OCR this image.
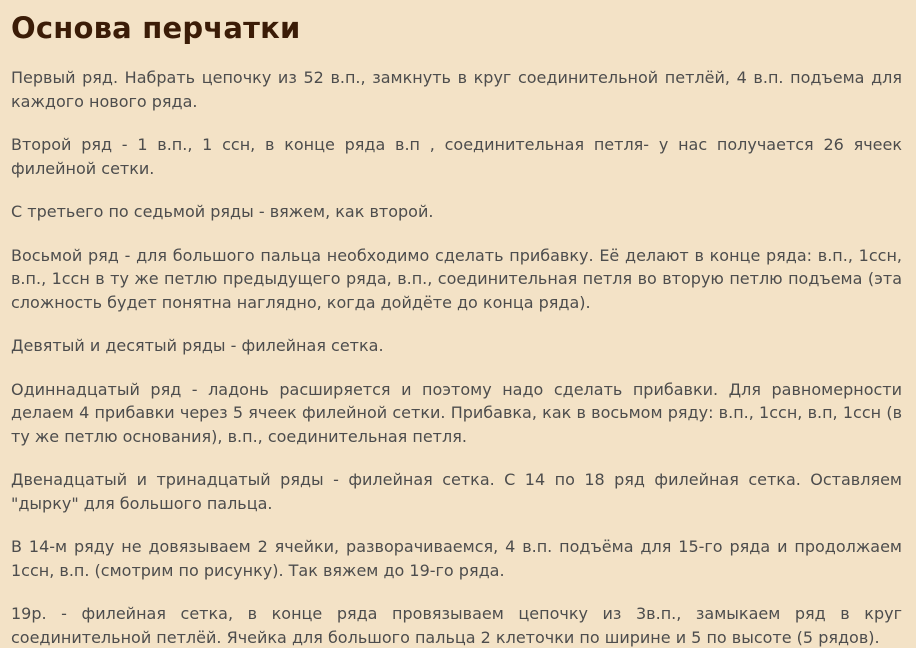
Основа перчатки

Первый ряд. Набрать цепочку из 52 в.п., замкнуть в круг соединительной петлёй, 4 в.п. подъема для каждого нового ряда.

Второй ряд - 1 в.п., 1 ссн, в конце ряда в.п , соединительная петля- у нас получается 26 ячеек филейной сетки.

С третьего по седьмой ряды - вяжем, как второй.

Восьмой ряд - для большого пальца необходимо сделать прибавку. Её делают в конце ряда: в.п., 1ссн, в.п., 1ссн в ту же петлю предыдущего ряда, в.п., соединительная петля во вторую петлю подъема (эта сложность будет понятна наглядно, когда дойдёте до конца ряда).

Девятый и десятый ряды - филейная сетка.

Одиннадцатый ряд - ладонь расширяется и поэтому надо сделать прибавки. Для равномерности делаем 4 прибавки через 5 ячеек филейной сетки. Прибавка, как в восьмом ряду: в.п., 1ссн, в.п, 1ссн (в ту же петлю основания), в.п., соединительная петля.

Двенадцатый и тринадцатый ряды - филейная сетка. С 14 по 18 ряд филейная сетка. Оставляем "дырку" для большого пальца.

В 14-м ряду не довязываем 2 ячейки, разворачиваемся, 4 в.п. подъёма для 15-го ряда и продолжаем 1ссн, в.п. (смотрим по рисунку). Так вяжем до 19-го ряда.

19р. - филейная сетка, в конце ряда провязываем цепочку из 3в.п., замыкаем ряд в круг соединительной петлёй. Ячейка для большого пальца 2 клеточки по ширине и 5 по высоте (5 рядов).
